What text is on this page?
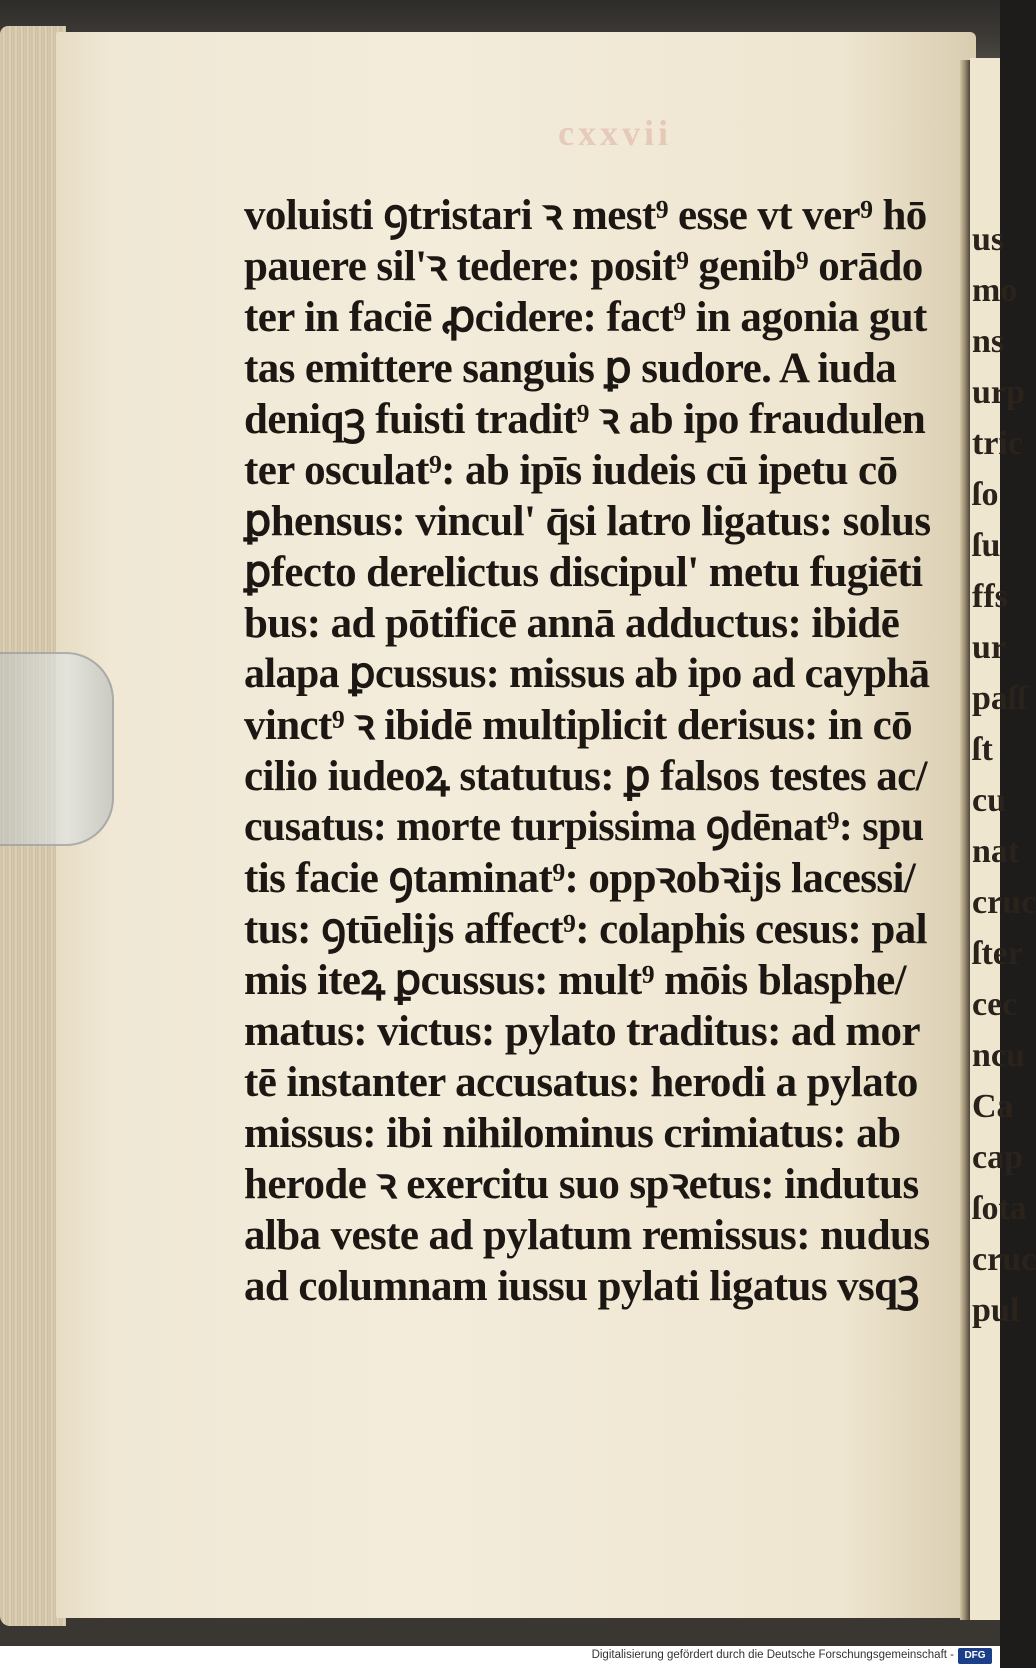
us
mo
ns
urp
tric
ſo
ſu
ffs
ur
paſſ
ſt
cu
nat
cruc
ſter
cec
ncu
Ca
cap
ſota
cruc
pul
cxxvii
voluisti ꝯtristari ꝛ mest⁹ esse vt ver⁹ hō
pauere sil'ꝛ tedere: posit⁹ genib⁹ orādo
ter in faciē ꝓcidere: fact⁹ in agonia gut
tas emittere sanguis ꝑ sudore. A iuda
deniqꝫ fuisti tradit⁹ ꝛ ab ipo fraudulen
ter osculat⁹: ab ipīs iudeis cū ipetu cō
ꝑhensus: vincul' q̄si latro ligatus: solus
ꝑfecto derelictus discipul' metu fugiēti
bus: ad pōtificē annā adductus: ibidē
alapa ꝑcussus: missus ab ipo ad cayphā
vinct⁹ ꝛ ibidē multiplicit derisus: in cō
cilio iudeoꝝ statutus: ꝑ falsos testes ac/
cusatus: morte turpissima ꝯdēnat⁹: spu
tis facie ꝯtaminat⁹: oppꝛobꝛijs lacessi/
tus: ꝯtūelijs affect⁹: colaphis cesus: pal
mis iteꝝ ꝑcussus: mult⁹ mōis blasphe/
matus: victus: pylato traditus: ad mor
tē instanter accusatus: herodi a pylato
missus: ibi nihilominus crimiatus: ab
herode ꝛ exercitu suo spꝛetus: indutus
alba veste ad pylatum remissus: nudus
ad columnam iussu pylati ligatus vsqꝫ
Digitalisierung gefördert durch die Deutsche Forschungsgemeinschaft -	DFG
